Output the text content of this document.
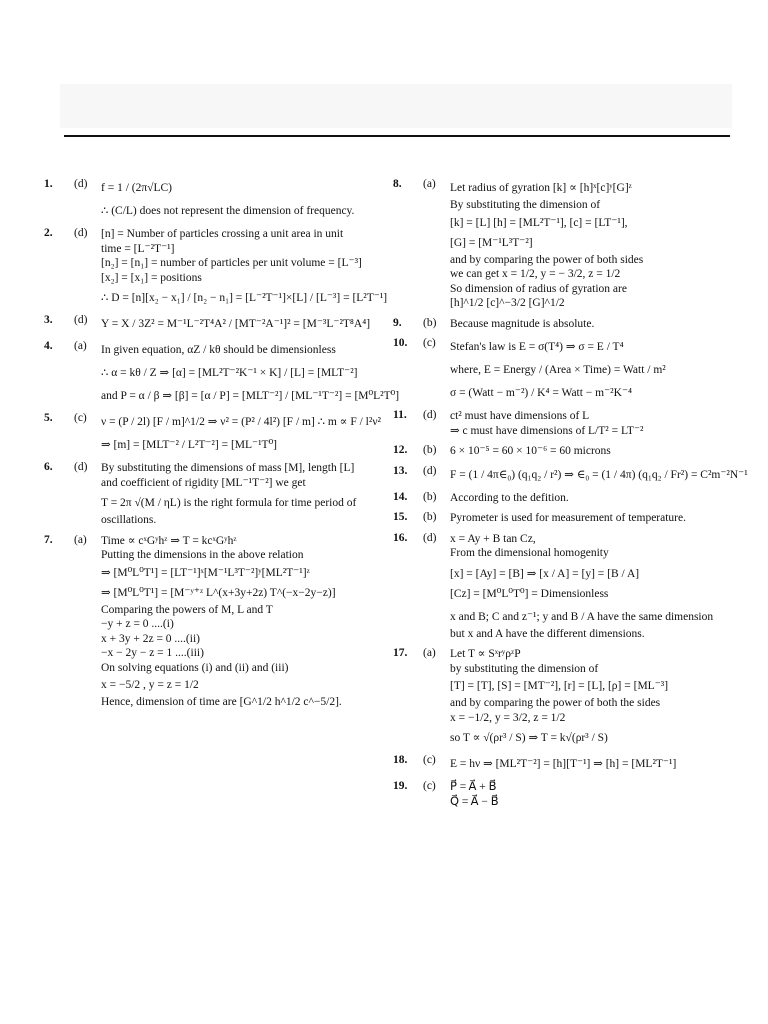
1. (d) f = 1 / (2π√LC)
∴ (C/L) does not represent the dimension of frequency.
2. (d) [n] = Number of particles crossing a unit area in unit
time = [L⁻²T⁻¹]
[n₂] = [n₁] = number of particles per unit volume = [L⁻³]
[x₂] = [x₁] = positions
∴ D = [n][x₂ − x₁] / [n₂ − n₁] = [L⁻²T⁻¹]×[L] / [L⁻³] = [L²T⁻¹]
3. (d) Y = X / 3Z² = M⁻¹L⁻²T⁴A² / [MT⁻²A⁻¹]² = [M⁻³L⁻²T⁸A⁴]
4. (a) In given equation, αZ / kθ should be dimensionless
∴ α = kθ / Z ⇒ [α] = [ML²T⁻²K⁻¹ × K] / [L] = [MLT⁻²]
and P = α / β ⇒ [β] = [α / P] = [MLT⁻²] / [ML⁻¹T⁻²] = [M⁰L²T⁰]
5. (c) ν = (P / 2l) [F / m]^1/2 ⇒ ν² = (P² / 4l²) [F / m] ∴ m ∝ F / l²ν²
⇒ [m] = [MLT⁻² / L²T⁻²] = [ML⁻¹T⁰]
6. (d) By substituting the dimensions of mass [M], length [L]
and coefficient of rigidity [ML⁻¹T⁻²] we get
T = 2π √(M / ηL) is the right formula for time period of
oscillations.
7. (a) Time ∝ cˣGʸhᶻ ⇒ T = kcˣGʸhᶻ
Putting the dimensions in the above relation
⇒ [M⁰L⁰T¹] = [LT⁻¹]ˣ[M⁻¹L³T⁻²]ʸ[ML²T⁻¹]ᶻ
⇒ [M⁰L⁰T¹] = [M⁻ʸ⁺ᶻ L^(x+3y+2z) T^(−x−2y−z)]
Comparing the powers of M, L and T
−y + z = 0 ....(i)
x + 3y + 2z = 0 ....(ii)
−x − 2y − z = 1 ....(iii)
On solving equations (i) and (ii) and (iii)
x = −5/2 , y = z = 1/2
Hence, dimension of time are [G^1/2 h^1/2 c^−5/2].
8. (a) Let radius of gyration [k] ∝ [h]ˣ[c]ʸ[G]ᶻ
By substituting the dimension of
[k] = [L] [h] = [ML²T⁻¹], [c] = [LT⁻¹],
[G] = [M⁻¹L³T⁻²]
and by comparing the power of both sides
we can get x = 1/2, y = − 3/2, z = 1/2
So dimension of radius of gyration are
[h]^1/2 [c]^−3/2 [G]^1/2
9. (b) Because magnitude is absolute.
10. (c) Stefan's law is E = σ(T⁴) ⇒ σ = E / T⁴
where, E = Energy / (Area × Time) = Watt / m²
σ = (Watt − m⁻²) / K⁴ = Watt − m⁻²K⁻⁴
11. (d) ct² must have dimensions of L
⇒ c must have dimensions of L/T² = LT⁻²
12. (b) 6 × 10⁻⁵ = 60 × 10⁻⁶ = 60 microns
13. (d) F = (1 / 4π∈₀) (q₁q₂ / r²) ⇒ ∈₀ = (1 / 4π) (q₁q₂ / Fr²) = C²m⁻²N⁻¹
14. (b) According to the defition.
15. (b) Pyrometer is used for measurement of temperature.
16. (d) x = Ay + B tan Cz,
From the dimensional homogenity
[x] = [Ay] = [B] ⇒ [x / A] = [y] = [B / A]
[Cz] = [M⁰L⁰T⁰] = Dimensionless
x and B; C and z⁻¹; y and B / A have the same dimension
but x and A have the different dimensions.
17. (a) Let T ∝ SˣrʸρᶻP
by substituting the dimension of
[T] = [T], [S] = [MT⁻²], [r] = [L], [ρ] = [ML⁻³]
and by comparing the power of both the sides
x = −1/2, y = 3/2, z = 1/2
so T ∝ √(ρr³ / S) ⇒ T = k√(ρr³ / S)
18. (c) E = hν ⇒ [ML²T⁻²] = [h][T⁻¹] ⇒ [h] = [ML²T⁻¹]
19. (c) P⃗ = A⃗ + B⃗
Q⃗ = A⃗ − B⃗
